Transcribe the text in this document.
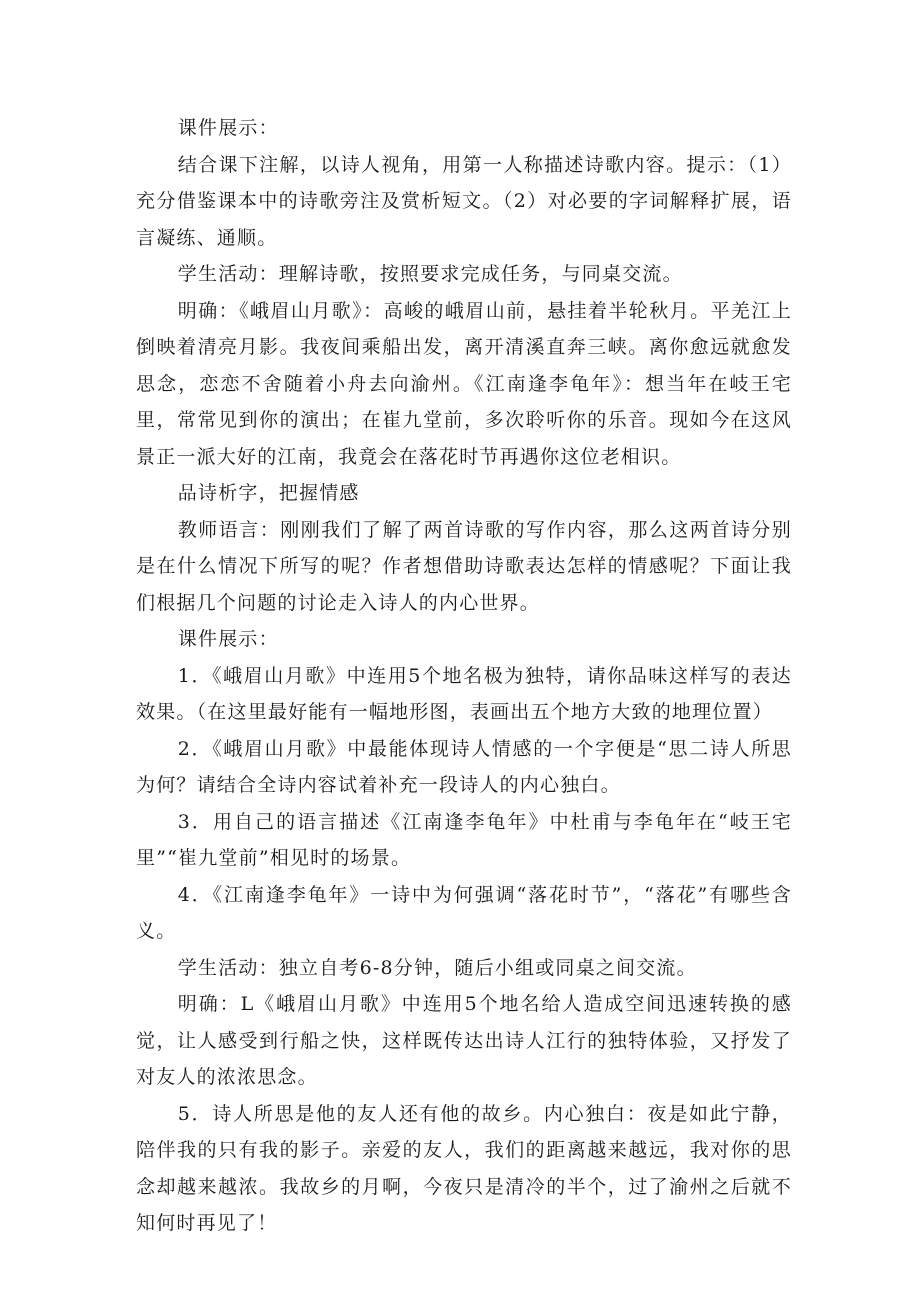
课件展示：

结合课下注解，以诗人视角，用第一人称描述诗歌内容。提示：（1）充分借鉴课本中的诗歌旁注及赏析短文。（2）对必要的字词解释扩展，语言凝练、通顺。

学生活动：理解诗歌，按照要求完成任务，与同桌交流。

明确：《峨眉山月歌》：高峻的峨眉山前，悬挂着半轮秋月。平羌江上倒映着清亮月影。我夜间乘船出发，离开清溪直奔三峡。离你愈远就愈发思念，恋恋不舍随着小舟去向渝州。《江南逢李龟年》：想当年在岐王宅里，常常见到你的演出；在崔九堂前，多次聆听你的乐音。现如今在这风景正一派大好的江南，我竟会在落花时节再遇你这位老相识。

品诗析字，把握情感

教师语言：刚刚我们了解了两首诗歌的写作内容，那么这两首诗分别是在什么情况下所写的呢？作者想借助诗歌表达怎样的情感呢？下面让我们根据几个问题的讨论走入诗人的内心世界。

课件展示：

1．《峨眉山月歌》中连用5个地名极为独特，请你品味这样写的表达效果。（在这里最好能有一幅地形图，表画出五个地方大致的地理位置）

2．《峨眉山月歌》中最能体现诗人情感的一个字便是“思二诗人所思为何？请结合全诗内容试着补充一段诗人的内心独白。

3．用自己的语言描述《江南逢李龟年》中杜甫与李龟年在“岐王宅里”“崔九堂前”相见时的场景。

4．《江南逢李龟年》一诗中为何强调“落花时节”，“落花”有哪些含义。

学生活动：独立自考6-8分钟，随后小组或同桌之间交流。

明确：L《峨眉山月歌》中连用5个地名给人造成空间迅速转换的感觉，让人感受到行船之快，这样既传达出诗人江行的独特体验，又抒发了对友人的浓浓思念。

5．诗人所思是他的友人还有他的故乡。内心独白：夜是如此宁静，陪伴我的只有我的影子。亲爱的友人，我们的距离越来越远，我对你的思念却越来越浓。我故乡的月啊，今夜只是清冷的半个，过了渝州之后就不知何时再见了！
